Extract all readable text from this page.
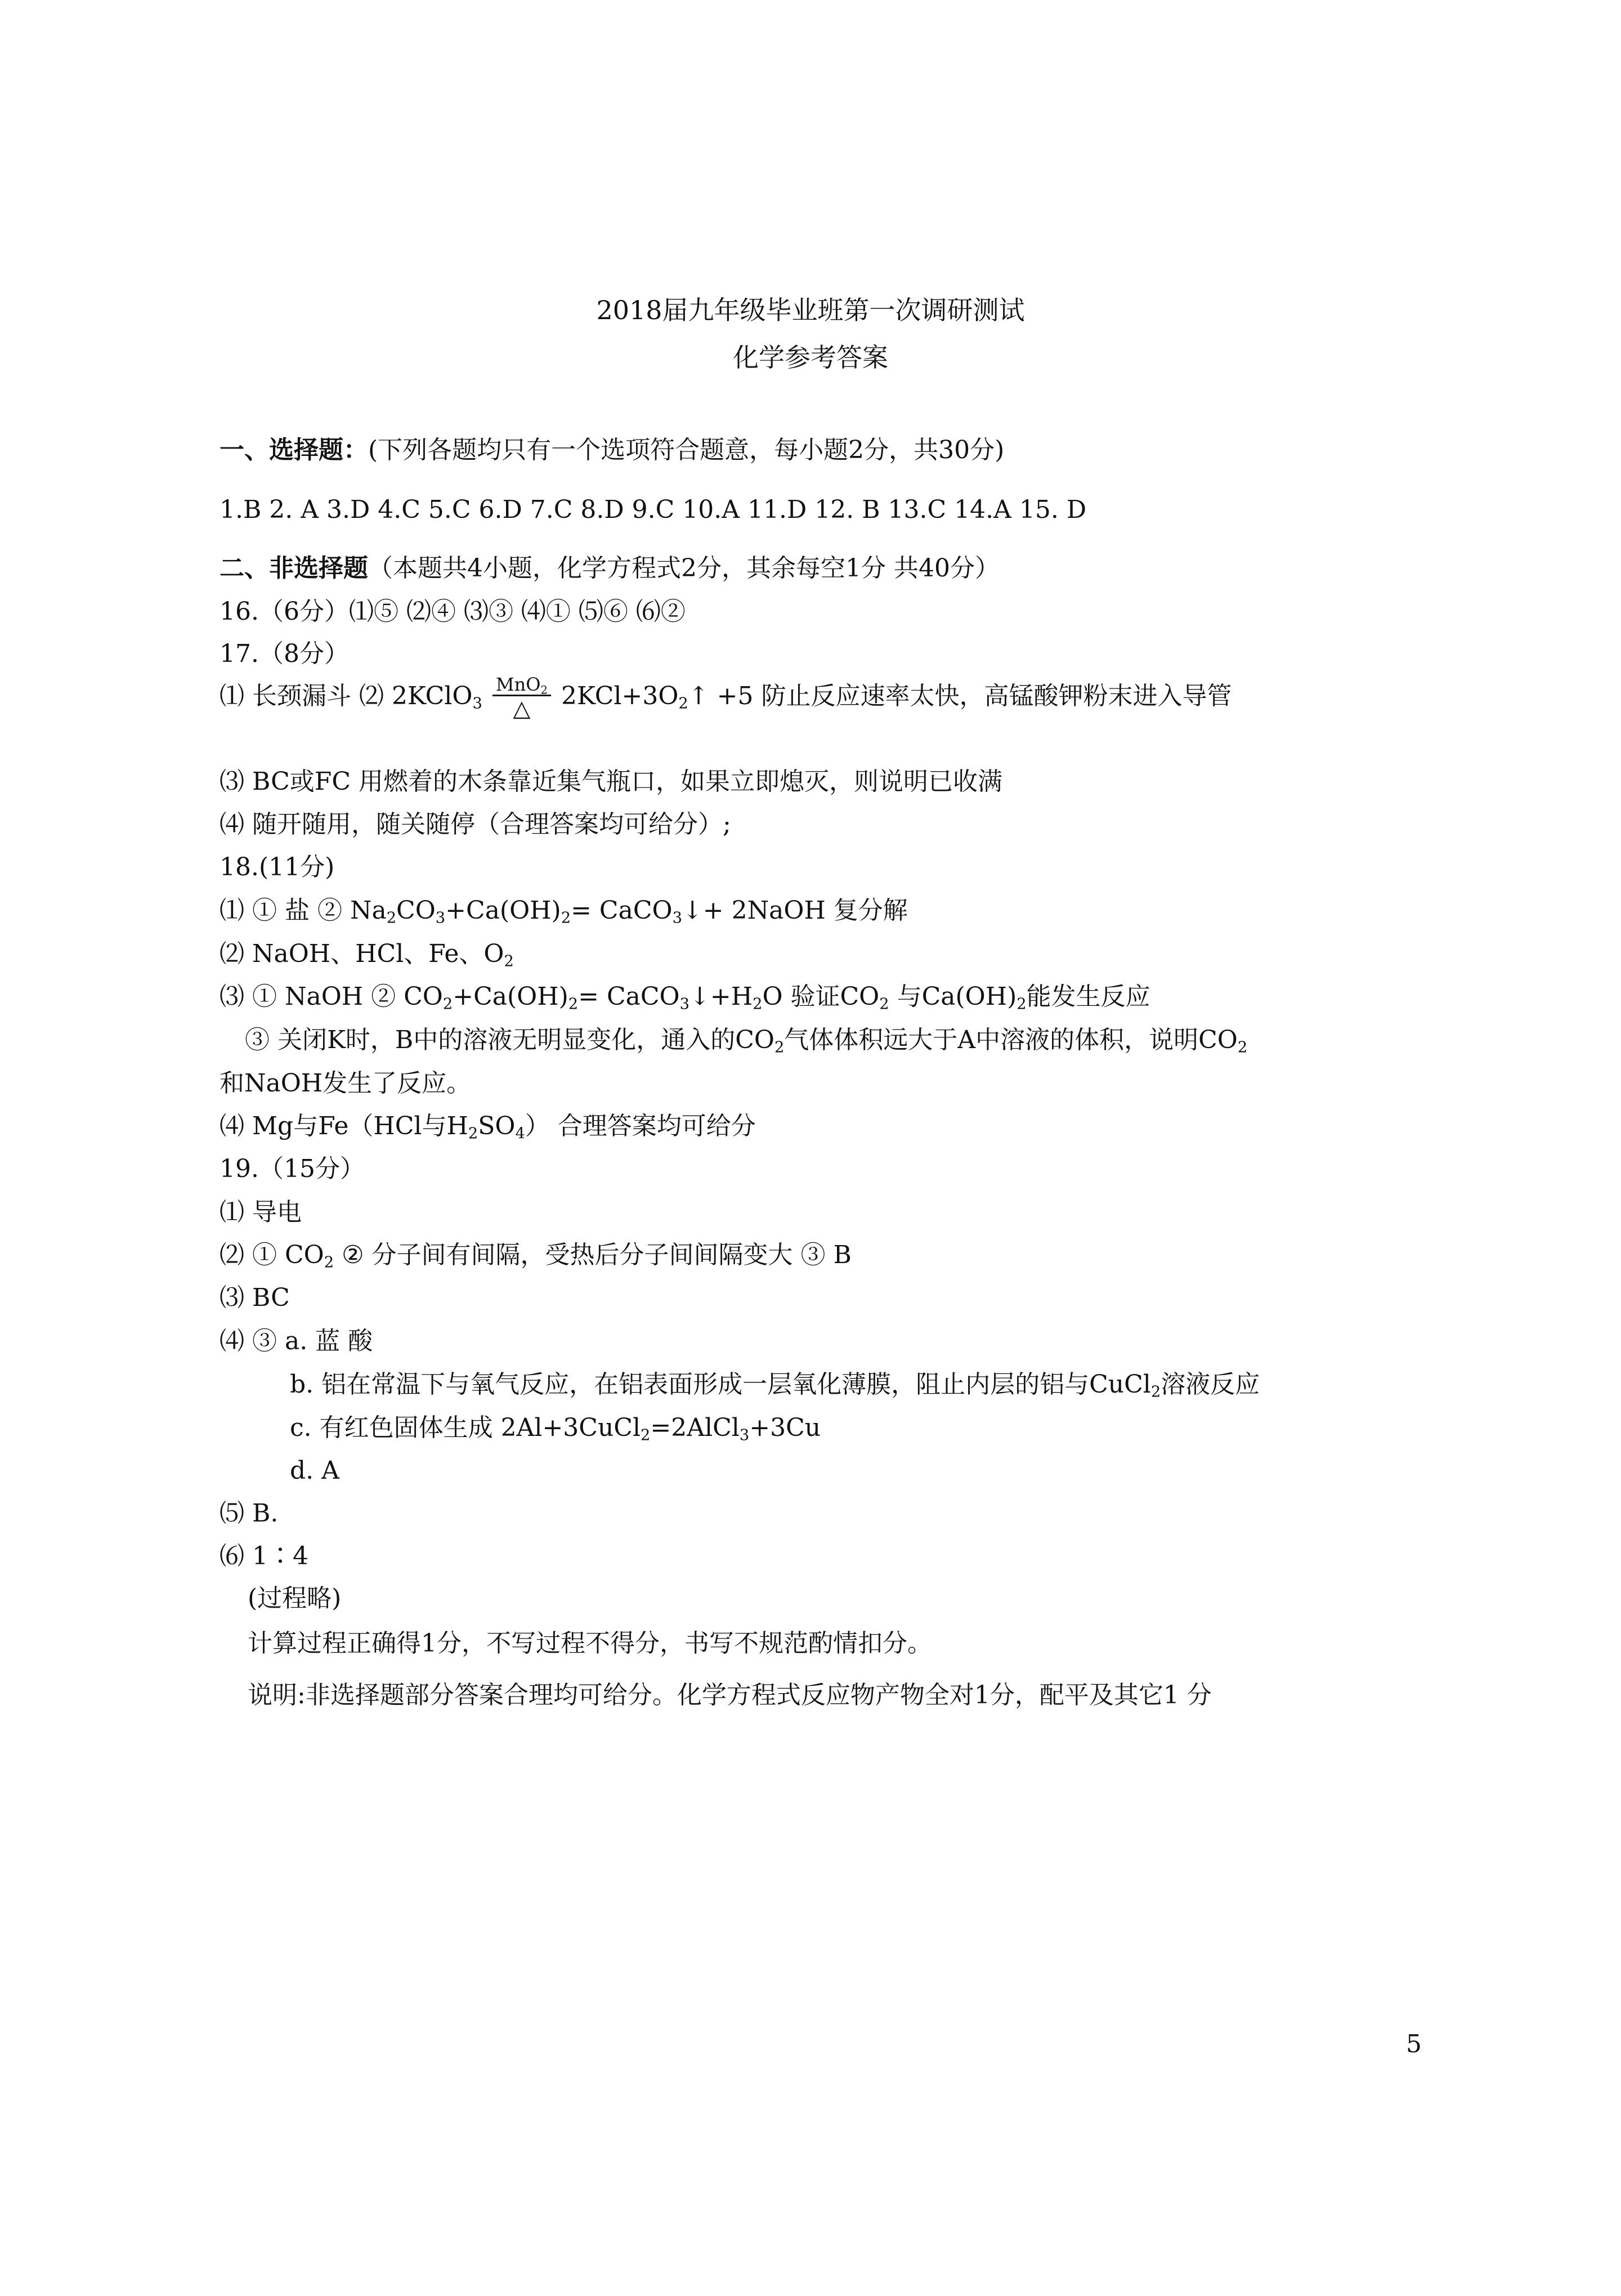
2018届九年级毕业班第一次调研测试
化学参考答案
一、选择题：(下列各题均只有一个选项符合题意，每小题2分，共30分)
1.B 2. A 3.D 4.C 5.C 6.D 7.C 8.D 9.C 10.A 11.D 12. B 13.C 14.A 15. D
二、非选择题（本题共4小题，化学方程式2分，其余每空1分 共40分）
16.（6分）⑴⑤ ⑵④ ⑶③ ⑷① ⑸⑥ ⑹②
17.（8分）
⑴ 长颈漏斗 ⑵ 2KClO$_3$ $\frac{MnO_2}{\triangle}$ $2KCl+3O_2↑ +5$ 防止反应速率太快，高锰酸钾粉末进入导管
⑶ BC或FC 用燃着的木条靠近集气瓶口，如果立即熄灭，则说明已收满
⑷ 随开随用，随关随停（合理答案均可给分）;
18.(11分)
⑴ ① 盐 ② $Na_2CO_3+Ca(OH)_2=$ CaCO$_3$↓+ 2NaOH 复分解
⑵ NaOH、HCl、Fe、$O_2$
⑶ ① NaOH ② $CO_2+Ca(OH)_2=$ $CaCO_3↓+H_2O$ 验证$CO_2$ 与$Ca(OH)_2$能发生反应
③ 关闭K时，B中的溶液无明显变化，通入的$CO_2$气体体积远大于A中溶液的体积，说明$CO_2$
和NaOH发生了反应。
⑷ Mg与Fe（HCl与$H_2SO_4$） 合理答案均可给分
19.（15分）
⑴ 导电
⑵ ① $CO_2$ ② 分子间有间隔，受热后分子间间隔变大 ③ B
⑶ BC
⑷ ③ a. 蓝 酸
b. 铝在常温下与氧气反应，在铝表面形成一层氧化薄膜，阻止内层的铝与CuCl$_2$溶液反应
c. 有红色固体生成 2Al+3CuCl$_2$=2AlCl$_3$+3Cu
d. A
⑸ B.
⑹ 1∶4
(过程略)
计算过程正确得1分，不写过程不得分，书写不规范酌情扣分。
说明:非选择题部分答案合理均可给分。化学方程式反应物产物全对1分，配平及其它1 分
5
